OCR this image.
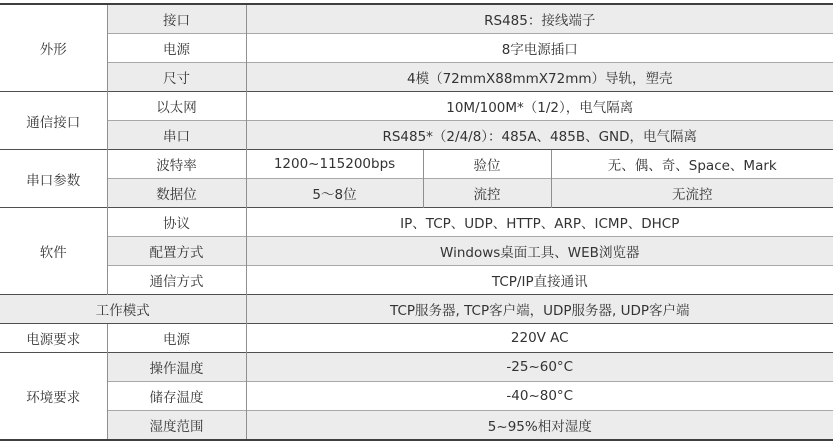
外形	接口	RS485：接线端子		
	电源	8字电源插口		
	尺寸	4模（72mmX88mmX72mm）导轨，塑壳		
通信接口	以太网	10M/100M*（1/2），电气隔离		
	串口	RS485*（2/4/8）：485A、485B、GND，电气隔离		
串口参数	波特率	1200~115200bps	验位	无、偶、奇、Space、Mark
	数据位	5～8位	流控	无流控
软件	协议	IP、TCP、UDP、HTTP、ARP、ICMP、DHCP		
	配置方式	Windows桌面工具、WEB浏览器		
	通信方式	TCP/IP直接通讯		
工作模式		TCP服务器, TCP客户端，UDP服务器, UDP客户端		
电源要求	电源	220V AC		
环境要求	操作温度	-25~60°C		
	储存温度	-40~80°C		
	湿度范围	5~95%相对湿度		
